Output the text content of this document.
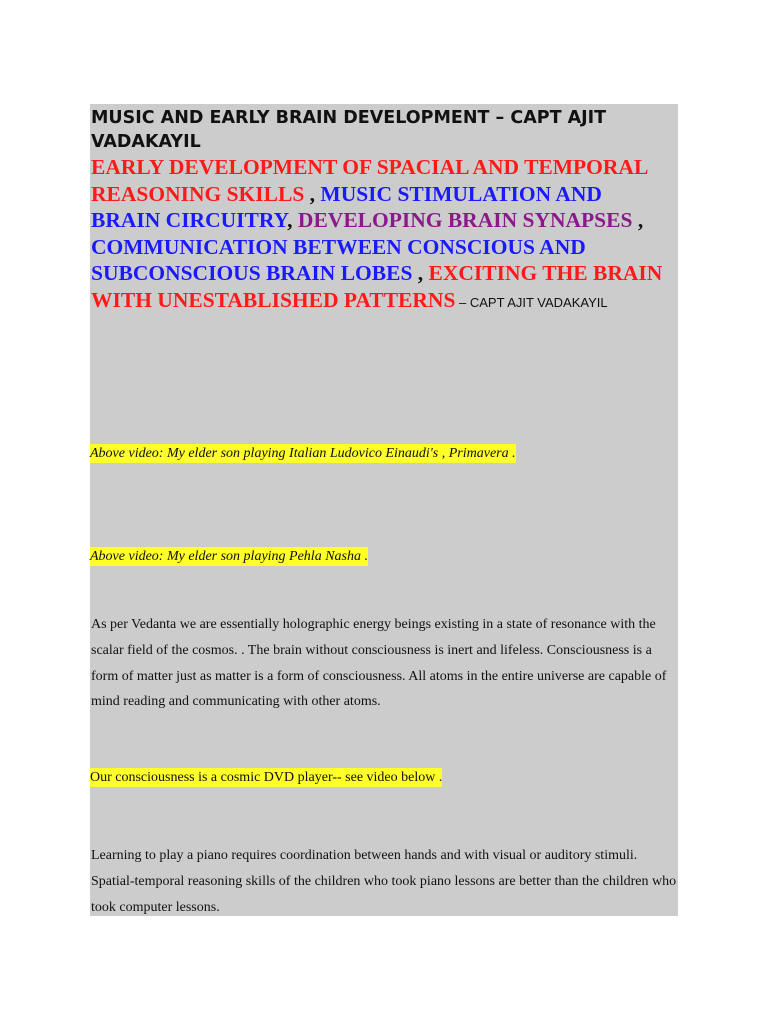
MUSIC AND EARLY BRAIN DEVELOPMENT – CAPT AJIT VADAKAYIL

EARLY DEVELOPMENT OF SPACIAL AND TEMPORAL REASONING SKILLS , MUSIC STIMULATION AND BRAIN CIRCUITRY, DEVELOPING BRAIN SYNAPSES , COMMUNICATION BETWEEN CONSCIOUS AND SUBCONSCIOUS BRAIN LOBES , EXCITING THE BRAIN WITH UNESTABLISHED PATTERNS – CAPT AJIT VADAKAYIL

Above video: My elder son playing Italian Ludovico Einaudi's , Primavera .
Above video: My elder son playing Pehla Nasha .

As per Vedanta we are essentially holographic energy beings existing in a state of resonance with the scalar field of the cosmos. . The brain without consciousness is inert and lifeless. Consciousness is a form of matter just as matter is a form of consciousness. All atoms in the entire universe are capable of mind reading and communicating with other atoms.

Our consciousness is a cosmic DVD player-- see video below .

Learning to play a piano requires coordination between hands and with visual or auditory stimuli. Spatial-temporal reasoning skills of the children who took piano lessons are better than the children who took computer lessons.
